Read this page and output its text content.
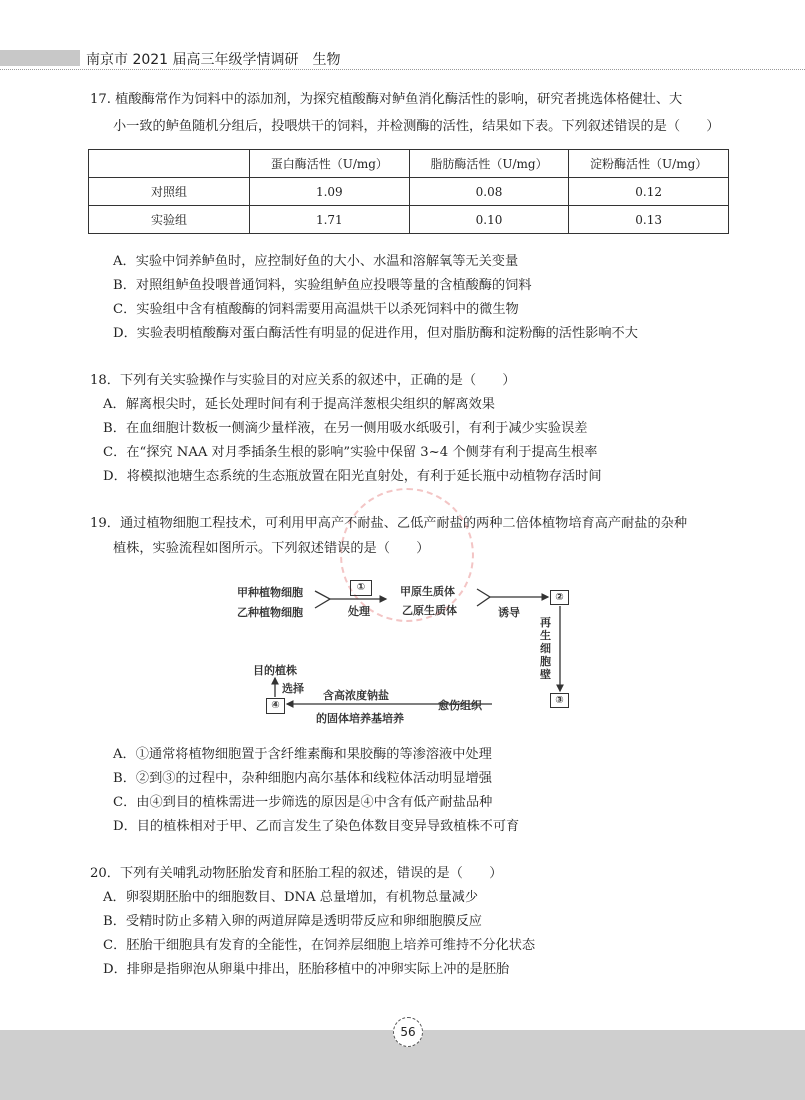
南京市 2021 届高三年级学情调研　生物
17. 植酸酶常作为饲料中的添加剂，为探究植酸酶对鲈鱼消化酶活性的影响，研究者挑选体格健壮、大
小一致的鲈鱼随机分组后，投喂烘干的饲料，并检测酶的活性，结果如下表。下列叙述错误的是（　　）
	蛋白酶活性（U/mg）	脂肪酶活性（U/mg）	淀粉酶活性（U/mg）
对照组	1.09	0.08	0.12
实验组	1.71	0.10	0.13
A．实验中饲养鲈鱼时，应控制好鱼的大小、水温和溶解氧等无关变量
B．对照组鲈鱼投喂普通饲料，实验组鲈鱼应投喂等量的含植酸酶的饲料
C．实验组中含有植酸酶的饲料需要用高温烘干以杀死饲料中的微生物
D．实验表明植酸酶对蛋白酶活性有明显的促进作用，但对脂肪酶和淀粉酶的活性影响不大
18．下列有关实验操作与实验目的对应关系的叙述中，正确的是（　　）
A．解离根尖时，延长处理时间有利于提高洋葱根尖组织的解离效果
B．在血细胞计数板一侧滴少量样液，在另一侧用吸水纸吸引，有利于减少实验误差
C．在“探究 NAA 对月季插条生根的影响”实验中保留 3~4 个侧芽有利于提高生根率
D．将模拟池塘生态系统的生态瓶放置在阳光直射处，有利于延长瓶中动植物存活时间
19．通过植物细胞工程技术，可利用甲高产不耐盐、乙低产耐盐的两种二倍体植物培育高产耐盐的杂种
植株，实验流程如图所示。下列叙述错误的是（　　）
甲种植物细胞
乙种植物细胞
①
处理
甲原生质体
乙原生质体	诱导
②
再
生
细
胞
壁
③
愈伤组织
含高浓度钠盐
的固体培养基培养
④
选择
目的植株
A．①通常将植物细胞置于含纤维素酶和果胶酶的等渗溶液中处理
B．②到③的过程中，杂种细胞内高尔基体和线粒体活动明显增强
C．由④到目的植株需进一步筛选的原因是④中含有低产耐盐品种
D．目的植株相对于甲、乙而言发生了染色体数目变异导致植株不可育
20．下列有关哺乳动物胚胎发育和胚胎工程的叙述，错误的是（　　）
A．卵裂期胚胎中的细胞数目、DNA 总量增加，有机物总量减少
B．受精时防止多精入卵的两道屏障是透明带反应和卵细胞膜反应
C．胚胎干细胞具有发育的全能性，在饲养层细胞上培养可维持不分化状态
D．排卵是指卵泡从卵巢中排出，胚胎移植中的冲卵实际上冲的是胚胎
56
